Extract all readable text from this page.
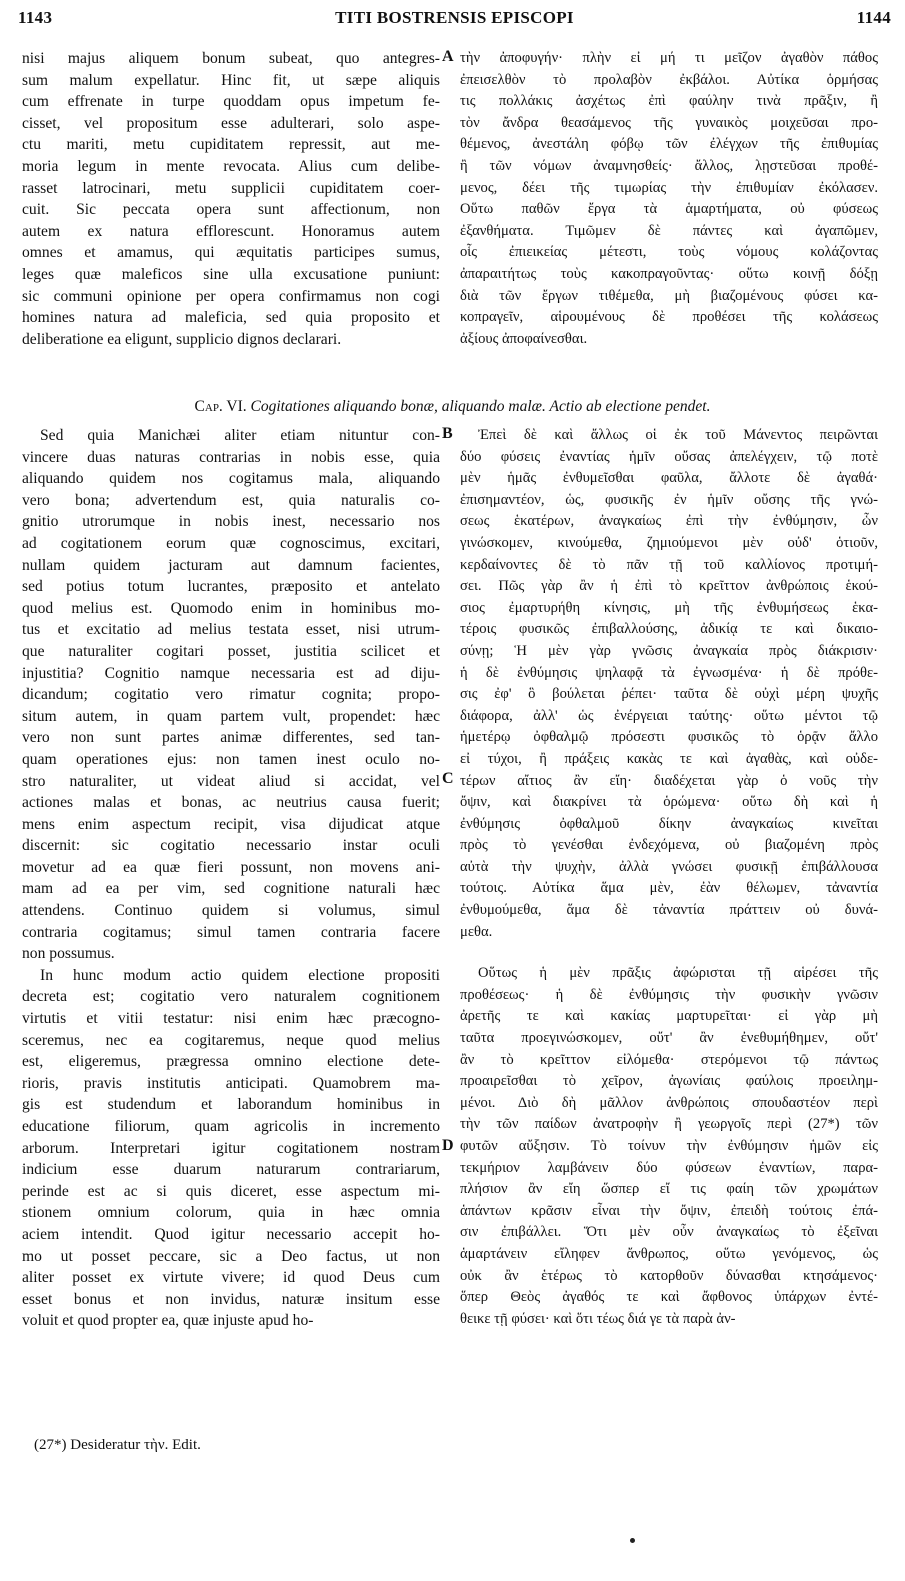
1143	TITI BOSTRENSIS EPISCOPI	1144
nisi majus aliquem bonum subeat, quo antegres-
sum malum expellatur. Hinc fit, ut sæpe aliquis
cum effrenate in turpe quoddam opus impetum fe-
cisset, vel propositum esse adulterari, solo aspe-
ctu mariti, metu cupiditatem repressit, aut me-
moria legum in mente revocata. Alius cum delibe-
rasset latrocinari, metu supplicii cupiditatem coer-
cuit. Sic peccata opera sunt affectionum, non
autem ex natura efflorescunt. Honoramus autem
omnes et amamus, qui æquitatis participes sumus,
leges quæ maleficos sine ulla excusatione puniunt:
sic communi opinione per opera confirmamus non cogi
homines natura ad maleficia, sed quia proposito et
deliberatione ea eligunt, supplicio dignos declarari.
τὴν ἀποφυγήν· πλὴν εἰ μή τι μεῖζον ἀγαθὸν πάθος
ἐπεισελθὸν τὸ προλαβὸν ἐκβάλοι. Αὐτίκα ὁρμήσας
τις πολλάκις ἀσχέτως ἐπὶ φαύλην τινὰ πρᾶξιν, ἢ
τὸν ἄνδρα θεασάμενος τῆς γυναικὸς μοιχεῦσαι προ-
θέμενος, ἀνεστάλη φόβῳ τῶν ἐλέγχων τῆς ἐπιθυμίας
ἢ τῶν νόμων ἀναμνησθείς· ἄλλος, λῃστεῦσαι προθέ-
μενος, δέει τῆς τιμωρίας τὴν ἐπιθυμίαν ἐκόλασεν.
Οὕτω παθῶν ἔργα τὰ ἁμαρτήματα, οὐ φύσεως
ἐξανθήματα. Τιμῶμεν δὲ πάντες καὶ ἀγαπῶμεν,
οἷς ἐπιεικείας μέτεστι, τοὺς νόμους κολάζοντας
ἀπαραιτήτως τοὺς κακοπραγοῦντας· οὕτω κοινῇ δόξῃ
διὰ τῶν ἔργων τιθέμεθα, μὴ βιαζομένους φύσει κα-
κοπραγεῖν, αἱρουμένους δὲ προθέσει τῆς κολάσεως
ἀξίους ἀποφαίνεσθαι.
A
Cap. VI. Cogitationes aliquando bonæ, aliquando malæ. Actio ab electione pendet.
Sed quia Manichæi aliter etiam nituntur con-
vincere duas naturas contrarias in nobis esse, quia
aliquando quidem nos cogitamus mala, aliquando
vero bona; advertendum est, quia naturalis co-
gnitio utrorumque in nobis inest, necessario nos
ad cogitationem eorum quæ cognoscimus, excitari,
nullam quidem jacturam aut damnum facientes,
sed potius totum lucrantes, præposito et antelato
quod melius est. Quomodo enim in hominibus mo-
tus et excitatio ad melius testata esset, nisi utrum-
que naturaliter cogitari posset, justitia scilicet et
injustitia? Cognitio namque necessaria est ad diju-
dicandum; cogitatio vero rimatur cognita; propo-
situm autem, in quam partem vult, propendet: hæc
vero non sunt partes animæ differentes, sed tan-
quam operationes ejus: non tamen inest oculo no-
stro naturaliter, ut videat aliud si accidat, vel
actiones malas et bonas, ac neutrius causa fuerit;
mens enim aspectum recipit, visa dijudicat atque
discernit: sic cogitatio necessario instar oculi
movetur ad ea quæ fieri possunt, non movens ani-
mam ad ea per vim, sed cognitione naturali hæc
attendens. Continuo quidem si volumus, simul
contraria cogitamus; simul tamen contraria facere
non possumus.
In hunc modum actio quidem electione propositi
decreta est; cogitatio vero naturalem cognitionem
virtutis et vitii testatur: nisi enim hæc præcogno-
sceremus, nec ea cogitaremus, neque quod melius
est, eligeremus, prægressa omnino electione dete-
rioris, pravis institutis anticipati. Quamobrem ma-
gis est studendum et laborandum hominibus in
educatione filiorum, quam agricolis in incremento
arborum. Interpretari igitur cogitationem nostram
indicium esse duarum naturarum contrariarum,
perinde est ac si quis diceret, esse aspectum mi-
stionem omnium colorum, quia in hæc omnia
aciem intendit. Quod igitur necessario accepit ho-
mo ut posset peccare, sic a Deo factus, ut non
aliter posset ex virtute vivere; id quod Deus cum
esset bonus et non invidus, naturæ insitum esse
voluit et quod propter ea, quæ injuste apud ho-
Ἐπεὶ δὲ καὶ ἄλλως οἱ ἐκ τοῦ Μάνεντος πειρῶνται
δύο φύσεις ἐναντίας ἡμῖν οὔσας ἀπελέγχειν, τῷ ποτὲ
μὲν ἡμᾶς ἐνθυμεῖσθαι φαῦλα, ἄλλοτε δὲ ἀγαθά·
ἐπισημαντέον, ὡς, φυσικῆς ἐν ἡμῖν οὔσης τῆς γνώ-
σεως ἑκατέρων, ἀναγκαίως ἐπὶ τὴν ἐνθύμησιν, ὧν
γινώσκομεν, κινούμεθα, ζημιούμενοι μὲν οὐδ' ὁτιοῦν,
κερδαίνοντες δὲ τὸ πᾶν τῇ τοῦ καλλίονος προτιμή-
σει. Πῶς γὰρ ἂν ἡ ἐπὶ τὸ κρεῖττον ἀνθρώποις ἑκού-
σιος ἐμαρτυρήθη κίνησις, μὴ τῆς ἐνθυμήσεως ἑκα-
τέροις φυσικῶς ἐπιβαλλούσης, ἀδικίᾳ τε καὶ δικαιο-
σύνῃ; Ἡ μὲν γὰρ γνῶσις ἀναγκαία πρὸς διάκρισιν·
ἡ δὲ ἐνθύμησις ψηλαφᾷ τὰ ἐγνωσμένα· ἡ δὲ πρόθε-
σις ἐφ' ὃ βούλεται ῥέπει· ταῦτα δὲ οὐχὶ μέρη ψυχῆς
διάφορα, ἀλλ' ὡς ἐνέργειαι ταύτης· οὕτω μέντοι τῷ
ἡμετέρῳ ὀφθαλμῷ πρόσεστι φυσικῶς τὸ ὁρᾷν ἄλλο
εἰ τύχοι, ἢ πράξεις κακὰς τε καὶ ἀγαθὰς, καὶ οὐδε-
τέρων αἴτιος ἂν εἴη· διαδέχεται γὰρ ὁ νοῦς τὴν
ὄψιν, καὶ διακρίνει τὰ ὁρώμενα· οὕτω δὴ καὶ ἡ
ἐνθύμησις ὀφθαλμοῦ δίκην ἀναγκαίως κινεῖται
πρὸς τὸ γενέσθαι ἐνδεχόμενα, οὐ βιαζομένη πρὸς
αὐτὰ τὴν ψυχὴν, ἀλλὰ γνώσει φυσικῇ ἐπιβάλλουσα
τούτοις. Αὐτίκα ἅμα μὲν, ἐὰν θέλωμεν, τἀναντία
ἐνθυμούμεθα, ἅμα δὲ τἀναντία πράττειν οὐ δυνά-
μεθα.
Οὕτως ἡ μὲν πρᾶξις ἀφώρισται τῇ αἱρέσει τῆς
προθέσεως· ἡ δὲ ἐνθύμησις τὴν φυσικὴν γνῶσιν
ἀρετῆς τε καὶ κακίας μαρτυρεῖται· εἰ γὰρ μὴ
ταῦτα προεγινώσκομεν, οὔτ' ἂν ἐνεθυμήθημεν, οὔτ'
ἂν τὸ κρεῖττον εἰλόμεθα· στερόμενοι τῷ πάντως
προαιρεῖσθαι τὸ χεῖρον, ἀγωνίαις φαύλοις προειλημ-
μένοι. Διὸ δὴ μᾶλλον ἀνθρώποις σπουδαστέον περὶ
τὴν τῶν παίδων ἀνατροφὴν ἢ γεωργοῖς περὶ (27*) τῶν
φυτῶν αὔξησιν. Τὸ τοίνυν τὴν ἐνθύμησιν ἡμῶν εἰς
τεκμήριον λαμβάνειν δύο φύσεων ἐναντίων, παρα-
πλήσιον ἂν εἴη ὥσπερ εἴ τις φαίη τῶν χρωμάτων
ἁπάντων κρᾶσιν εἶναι τὴν ὄψιν, ἐπειδὴ τούτοις ἐπά-
σιν ἐπιβάλλει. Ὅτι μὲν οὖν ἀναγκαίως τὸ ἐξεῖναι
ἁμαρτάνειν εἴληφεν ἄνθρωπος, οὕτω γενόμενος, ὡς
οὐκ ἂν ἑτέρως τὸ κατορθοῦν δύνασθαι κτησάμενος·
ὅπερ Θεὸς ἀγαθός τε καὶ ἄφθονος ὑπάρχων ἐντέ-
θεικε τῇ φύσει· καὶ ὅτι τέως διά γε τὰ παρὰ ἀν-
B
C
D
(27*) Desideratur τὴν. Edit.
